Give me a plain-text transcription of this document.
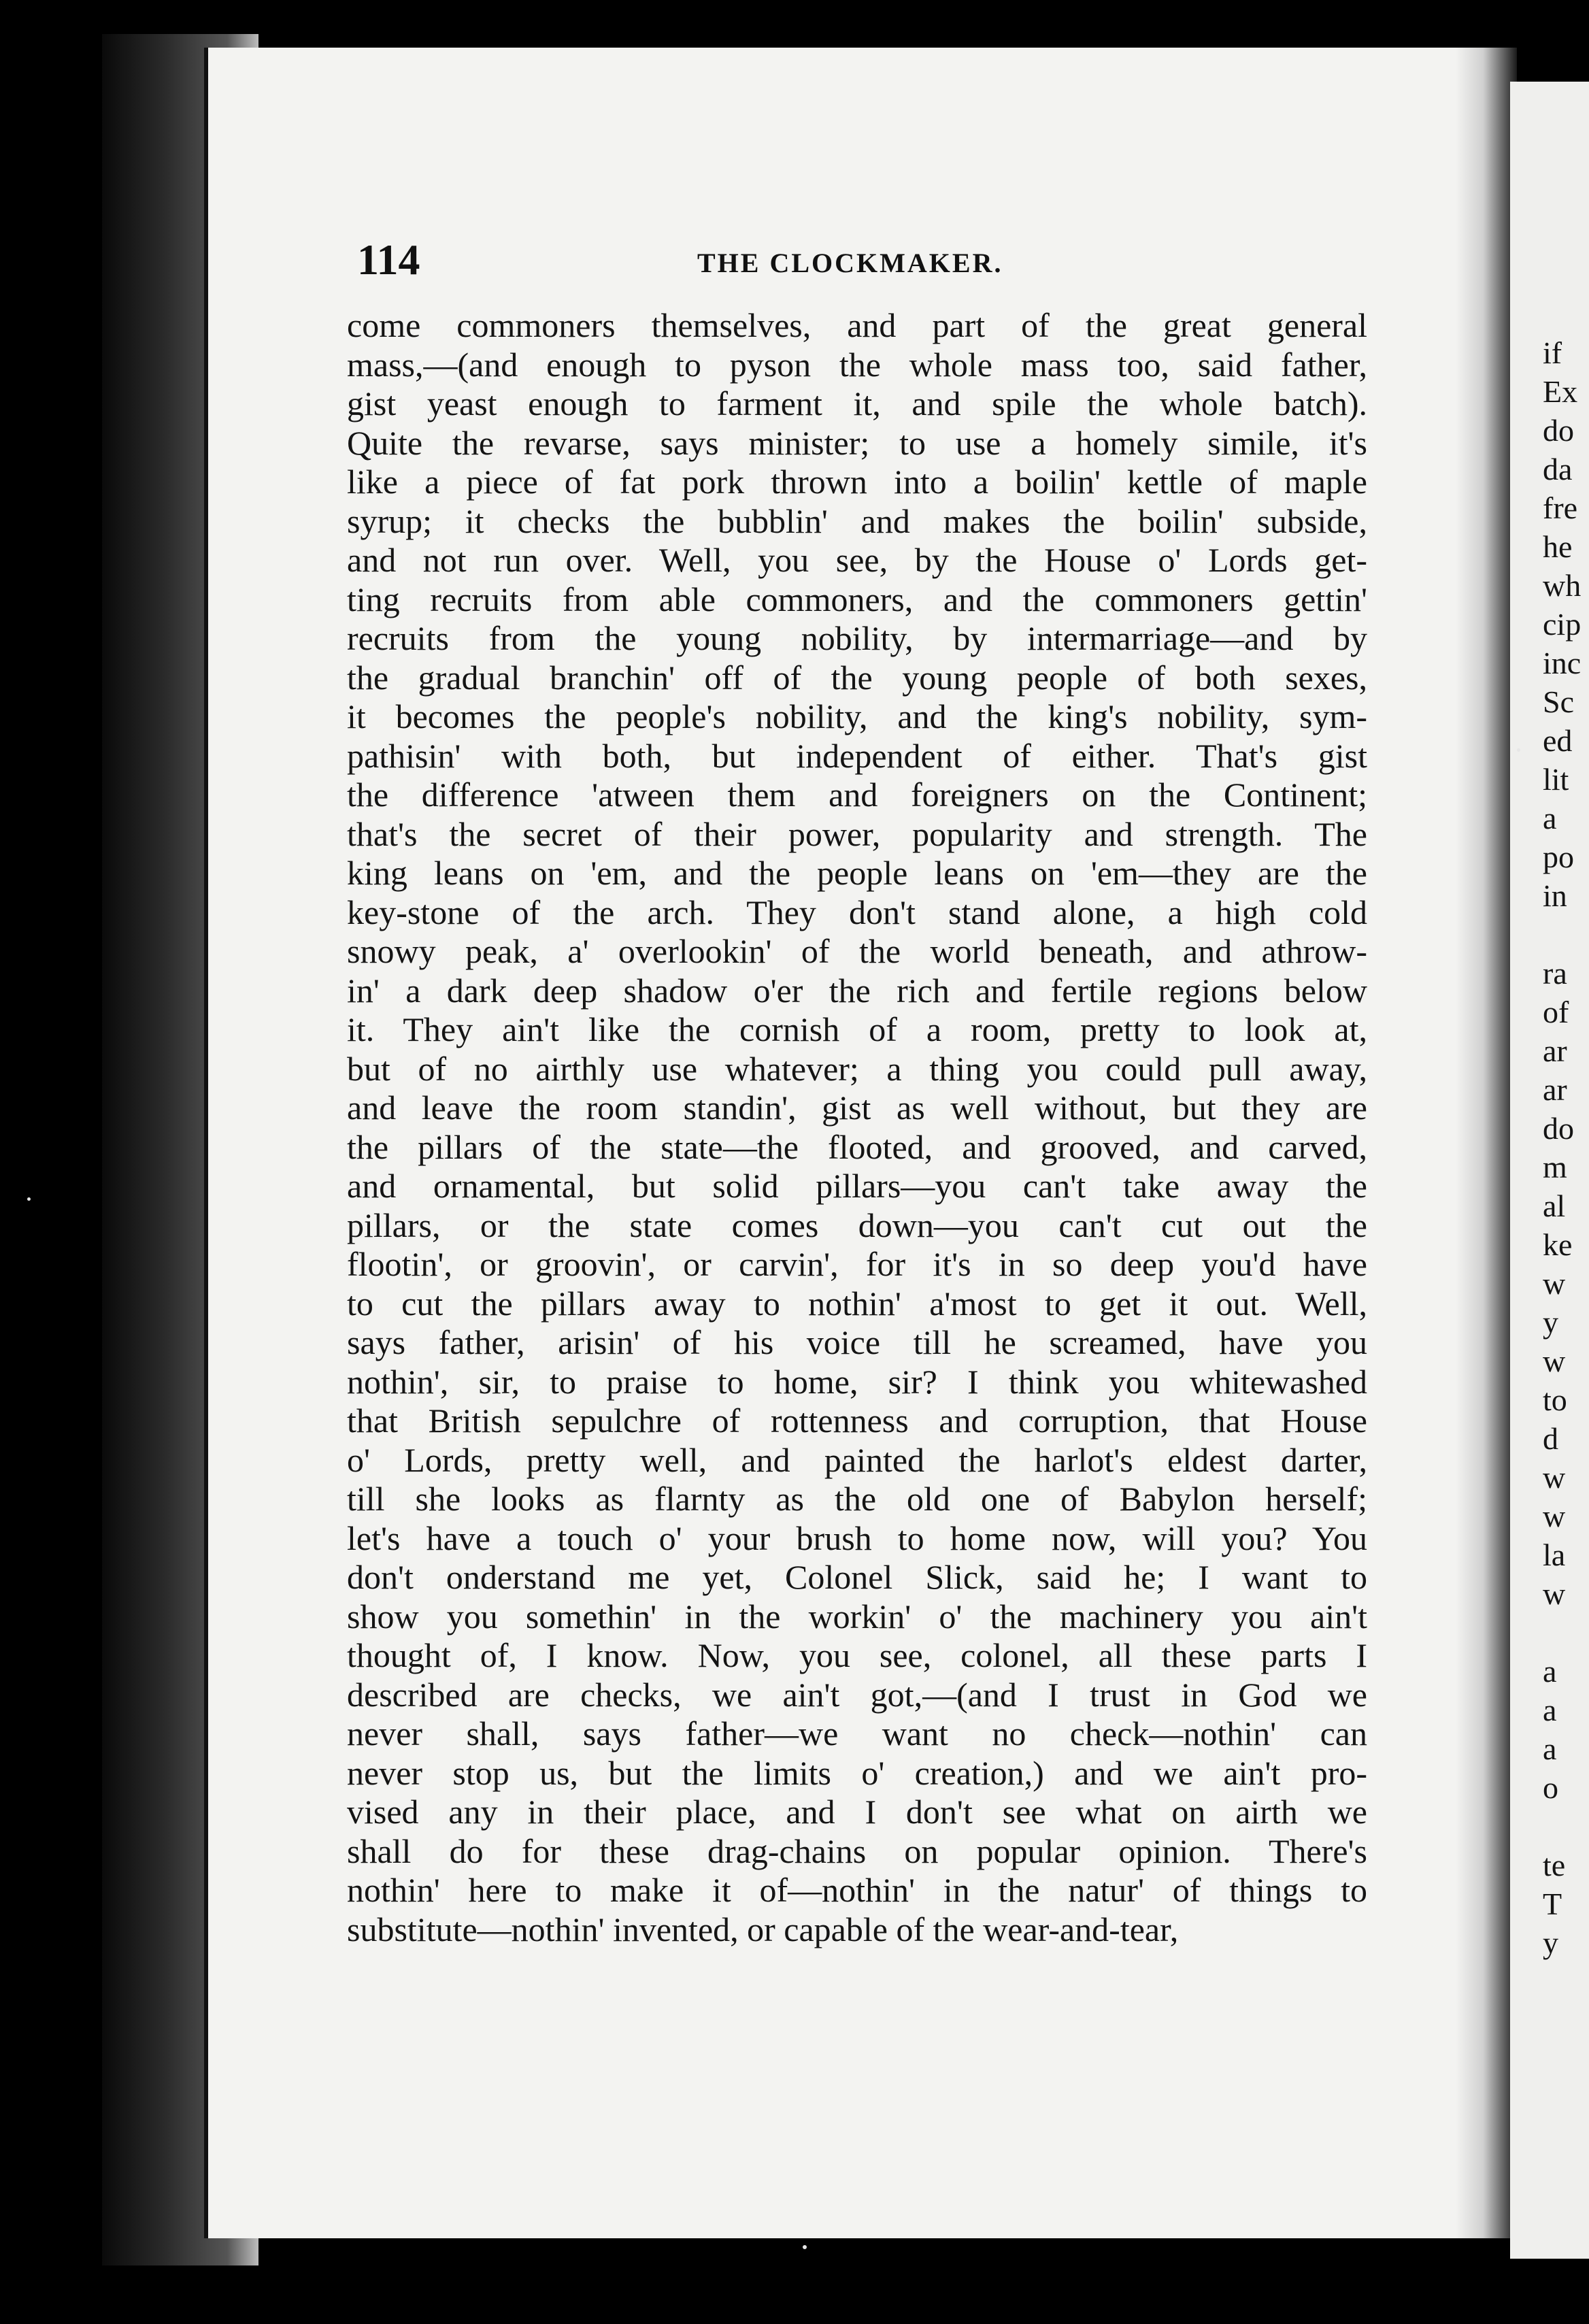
114	THE CLOCKMAKER.
come commoners themselves, and part of the great general
mass,—(and enough to pyson the whole mass too, said father,
gist yeast enough to farment it, and spile the whole batch).
Quite the revarse, says minister; to use a homely simile, it's
like a piece of fat pork thrown into a boilin' kettle of maple
syrup; it checks the bubblin' and makes the boilin' subside,
and not run over. Well, you see, by the House o' Lords get-
ting recruits from able commoners, and the commoners gettin'
recruits from the young nobility, by intermarriage—and by
the gradual branchin' off of the young people of both sexes,
it becomes the people's nobility, and the king's nobility, sym-
pathisin' with both, but independent of either. That's gist
the difference 'atween them and foreigners on the Continent;
that's the secret of their power, popularity and strength. The
king leans on 'em, and the people leans on 'em—they are the
key-stone of the arch. They don't stand alone, a high cold
snowy peak, a' overlookin' of the world beneath, and athrow-
in' a dark deep shadow o'er the rich and fertile regions below
it. They ain't like the cornish of a room, pretty to look at,
but of no airthly use whatever; a thing you could pull away,
and leave the room standin', gist as well without, but they are
the pillars of the state—the flooted, and grooved, and carved,
and ornamental, but solid pillars—you can't take away the
pillars, or the state comes down—you can't cut out the
flootin', or groovin', or carvin', for it's in so deep you'd have
to cut the pillars away to nothin' a'most to get it out. Well,
says father, arisin' of his voice till he screamed, have you
nothin', sir, to praise to home, sir? I think you whitewashed
that British sepulchre of rottenness and corruption, that House
o' Lords, pretty well, and painted the harlot's eldest darter,
till she looks as flarnty as the old one of Babylon herself;
let's have a touch o' your brush to home now, will you? You
don't onderstand me yet, Colonel Slick, said he; I want to
show you somethin' in the workin' o' the machinery you ain't
thought of, I know. Now, you see, colonel, all these parts I
described are checks, we ain't got,—(and I trust in God we
never shall, says father—we want no check—nothin' can
never stop us, but the limits o' creation,) and we ain't pro-
vised any in their place, and I don't see what on airth we
shall do for these drag-chains on popular opinion. There's
nothin' here to make it of—nothin' in the natur' of things to
substitute—nothin' invented, or capable of the wear-and-tear,
if
Ex
do
da
fre
he
wh
cip
inc
Sc
ed
lit
a
po
in
ra
of
ar
ar
do
m
al
ke
w
y
w
to
d
w
w
la
w
a
a
a
o
te
T
y
